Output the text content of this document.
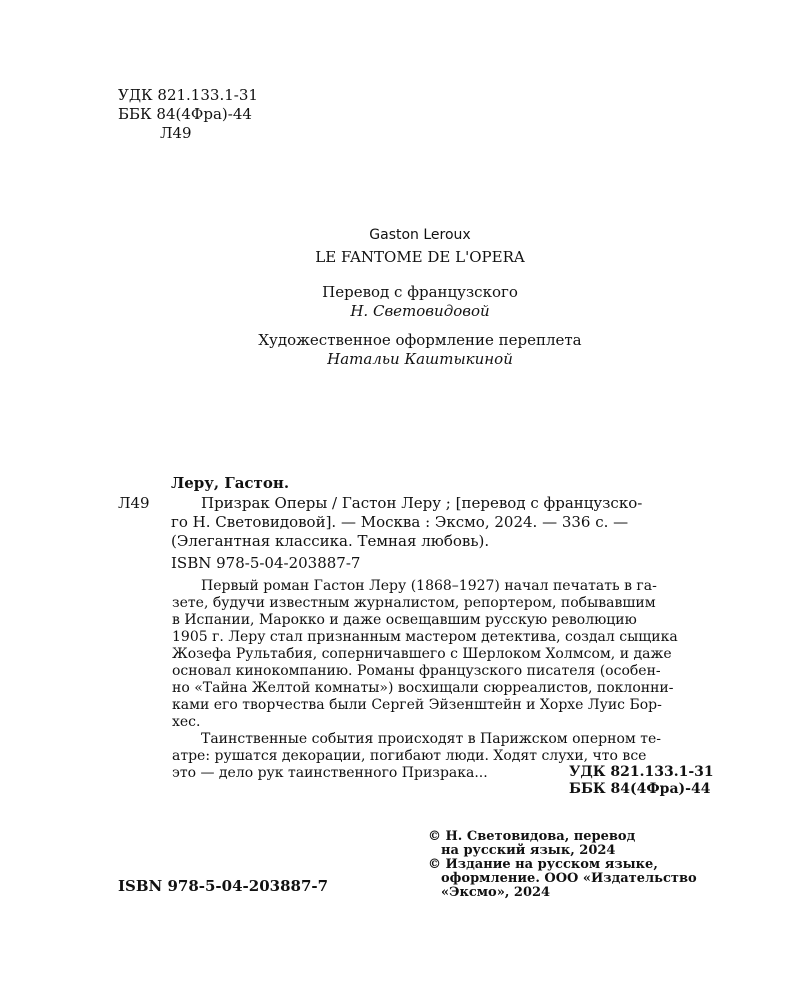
УДК 821.133.1-31
ББК 84(4Фра)-44
Л49
Gaston Leroux
LE FANTOME DE L'OPERA
Перевод с французского
Н. Световидовой
Художественное оформление переплета
Натальи Каштыкиной
Леру, Гастон.
Л49	Призрак Оперы / Гастон Леру ; [перевод с французско-
го Н. Световидовой]. — Москва : Эксмо, 2024. — 336 с. —
(Элегантная классика. Темная любовь).
ISBN 978-5-04-203887-7
Первый роман Гастон Леру (1868–1927) начал печатать в га-
зете, будучи известным журналистом, репортером, побывавшим
в Испании, Марокко и даже освещавшим русскую революцию
1905 г. Леру стал признанным мастером детектива, создал сыщика
Жозефа Рультабия, соперничавшего с Шерлоком Холмсом, и даже
основал кинокомпанию. Романы французского писателя (особен-
но «Тайна Желтой комнаты») восхищали сюрреалистов, поклонни-
ками его творчества были Сергей Эйзенштейн и Хорхе Луис Бор-
хес.
Таинственные события происходят в Парижском оперном те-
атре: рушатся декорации, погибают люди. Ходят слухи, что все
это — дело рук таинственного Призрака...	УДК 821.133.1-31
ББК 84(4Фра)-44
© Н. Световидова, перевод
на русский язык, 2024
© Издание на русском языке,
оформление. ООО «Издательство
«Эксмо», 2024
ISBN 978-5-04-203887-7
